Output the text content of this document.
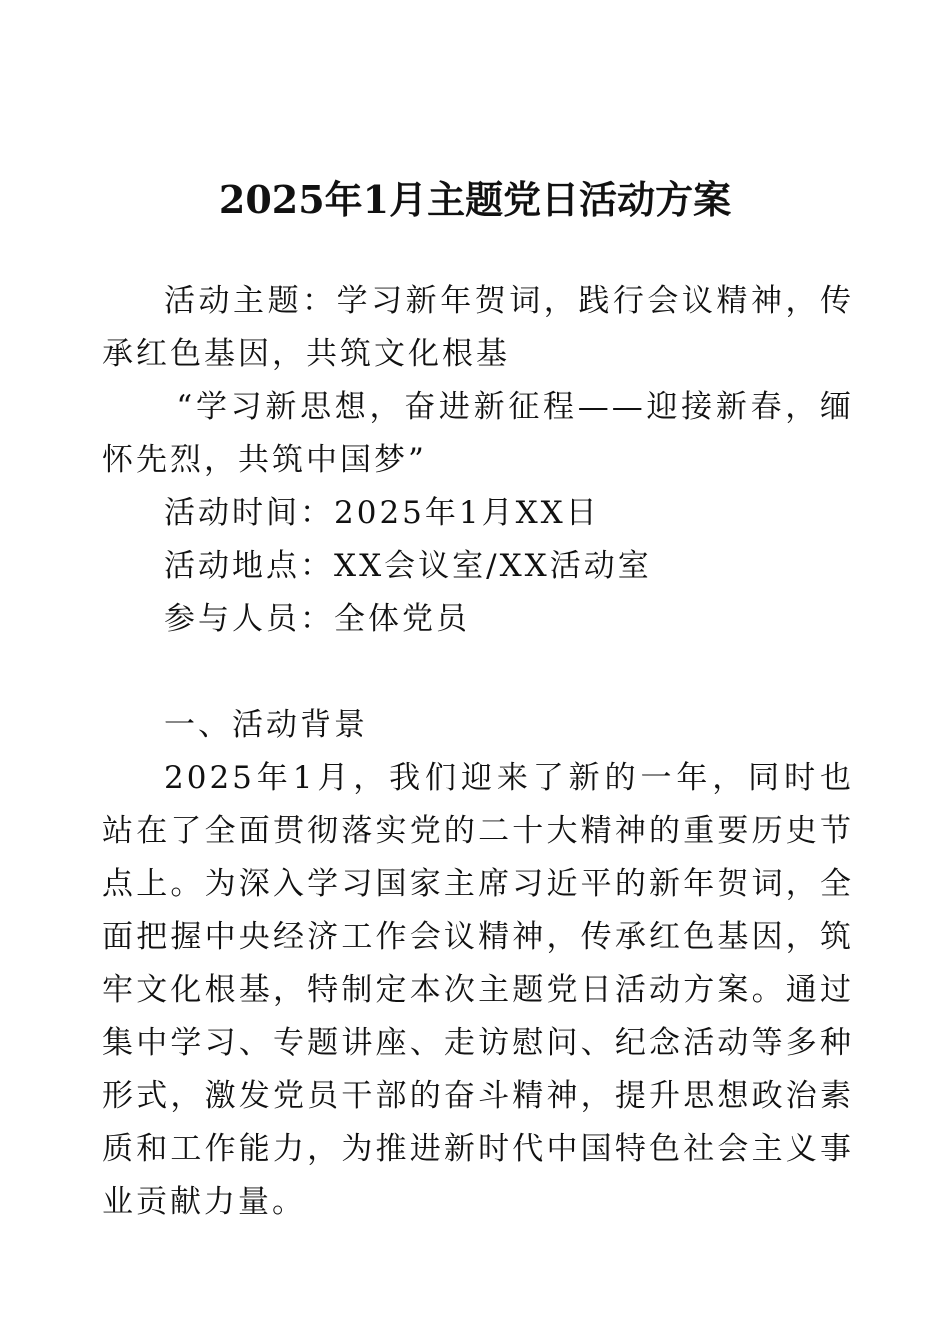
2025年1月主题党日活动方案

活动主题：学习新年贺词，践行会议精神，传承红色基因，共筑文化根基

“学习新思想，奋进新征程——迎接新春，缅怀先烈，共筑中国梦”

活动时间：2025年1月XX日

活动地点：XX会议室/XX活动室

参与人员：全体党员

一、活动背景

2025年1月，我们迎来了新的一年，同时也站在了全面贯彻落实党的二十大精神的重要历史节点上。为深入学习国家主席习近平的新年贺词，全面把握中央经济工作会议精神，传承红色基因，筑牢文化根基，特制定本次主题党日活动方案。通过集中学习、专题讲座、走访慰问、纪念活动等多种形式，激发党员干部的奋斗精神，提升思想政治素质和工作能力，为推进新时代中国特色社会主义事业贡献力量。
